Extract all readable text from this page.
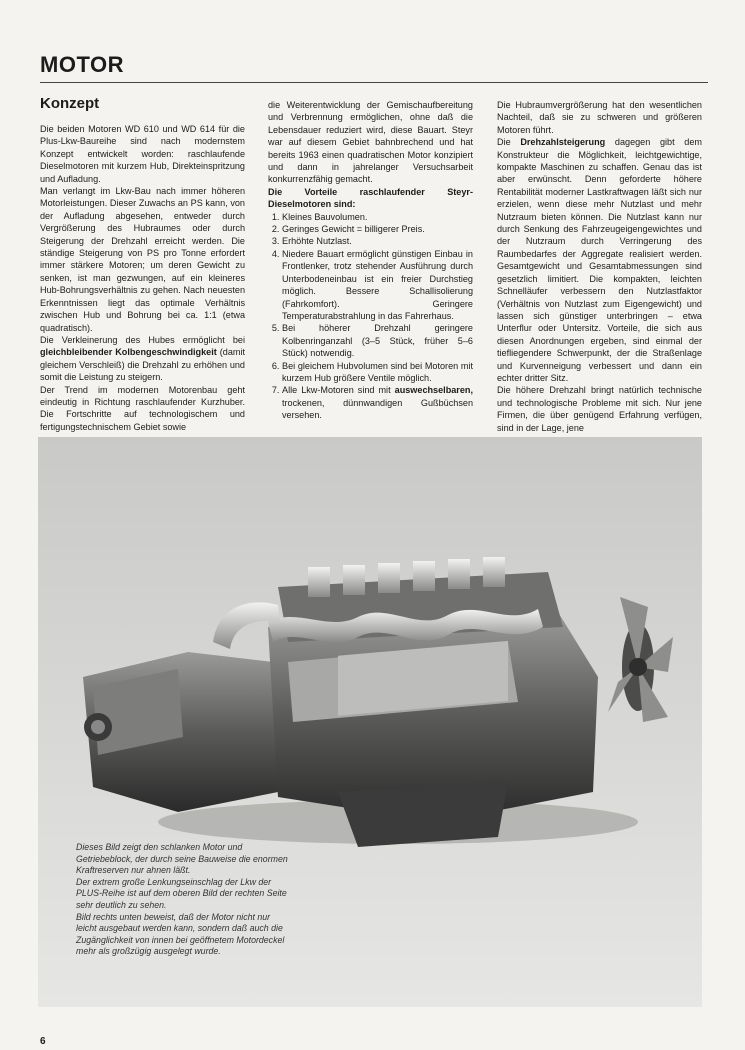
MOTOR
Konzept

Die beiden Motoren WD 610 und WD 614 für die Plus-Lkw-Baureihe sind nach modernstem Konzept entwickelt worden: raschlaufende Dieselmotoren mit kurzem Hub, Direkteinspritzung und Aufladung.

Man verlangt im Lkw-Bau nach immer höheren Motorleistungen. Dieser Zuwachs an PS kann, von der Aufladung abgesehen, entweder durch Vergrößerung des Hubraumes oder durch Steigerung der Drehzahl erreicht werden. Die ständige Steigerung von PS pro Tonne erfordert immer stärkere Motoren; um deren Gewicht zu senken, ist man gezwungen, auf ein kleineres Hub-Bohrungsverhältnis zu gehen. Nach neuesten Erkenntnissen liegt das optimale Verhältnis zwischen Hub und Bohrung bei ca. 1:1 (etwa quadratisch).

Die Verkleinerung des Hubes ermöglicht bei gleichbleibender Kolbengeschwindigkeit (damit gleichem Verschleiß) die Drehzahl zu erhöhen und somit die Leistung zu steigern.

Der Trend im modernen Motorenbau geht eindeutig in Richtung raschlaufender Kurzhuber. Die Fortschritte auf technologischem und fertigungstechnischem Gebiet sowie

die Weiterentwicklung der Gemischaufbereitung und Verbrennung ermöglichen, ohne daß die Lebensdauer reduziert wird, diese Bauart. Steyr war auf diesem Gebiet bahnbrechend und hat bereits 1963 einen quadratischen Motor konzipiert und dann in jahrelanger Versuchsarbeit konkurrenzfähig gemacht.

Die Vorteile raschlaufender Steyr-Dieselmotoren sind:

1. Kleines Bauvolumen.
2. Geringes Gewicht = billigerer Preis.
3. Erhöhte Nutzlast.
4. Niedere Bauart ermöglicht günstigen Einbau in Frontlenker, trotz stehender Ausführung durch Unterbodeneinbau ist ein freier Durchstieg möglich. Bessere Schallisolierung (Fahrkomfort). Geringere Temperaturabstrahlung in das Fahrerhaus.
5. Bei höherer Drehzahl geringere Kolbenringanzahl (3–5 Stück, früher 5–6 Stück) notwendig.
6. Bei gleichem Hubvolumen sind bei Motoren mit kurzem Hub größere Ventile möglich.
7. Alle Lkw-Motoren sind mit auswechselbaren, trockenen, dünnwandigen Gußbüchsen versehen.

Die Hubraumvergrößerung hat den wesentlichen Nachteil, daß sie zu schweren und größeren Motoren führt.

Die Drehzahlsteigerung dagegen gibt dem Konstrukteur die Möglichkeit, leichtgewichtige, kompakte Maschinen zu schaffen. Genau das ist aber erwünscht. Denn geforderte höhere Rentabilität moderner Lastkraftwagen läßt sich nur erzielen, wenn diese mehr Nutzlast und mehr Nutzraum bieten können. Die Nutzlast kann nur durch Senkung des Fahrzeugeigengewichtes und der Nutzraum durch Verringerung des Raumbedarfes der Aggregate realisiert werden. Gesamtgewicht und Gesamtabmessungen sind gesetzlich limitiert. Die kompakten, leichten Schnelläufer verbessern den Nutzlastfaktor (Verhältnis von Nutzlast zum Eigengewicht) und lassen sich günstiger unterbringen – etwa Unterflur oder Untersitz. Vorteile, die sich aus diesen Anordnungen ergeben, sind einmal der tiefliegendere Schwerpunkt, der die Straßenlage und Kurvenneigung verbessert und dann ein echter dritter Sitz.

Die höhere Drehzahl bringt natürlich technische und technologische Probleme mit sich. Nur jene Firmen, die über genügend Erfahrung verfügen, sind in der Lage, jene

Dieses Bild zeigt den schlanken Motor und Getriebeblock, der durch seine Bauweise die enormen Kraftreserven nur ahnen läßt.

Der extrem große Lenkungseinschlag der Lkw der PLUS-Reihe ist auf dem oberen Bild der rechten Seite sehr deutlich zu sehen.

Bild rechts unten beweist, daß der Motor nicht nur leicht ausgebaut werden kann, sondern daß auch die Zugänglichkeit von innen bei geöffnetem Motordeckel mehr als großzügig ausgelegt wurde.

6
